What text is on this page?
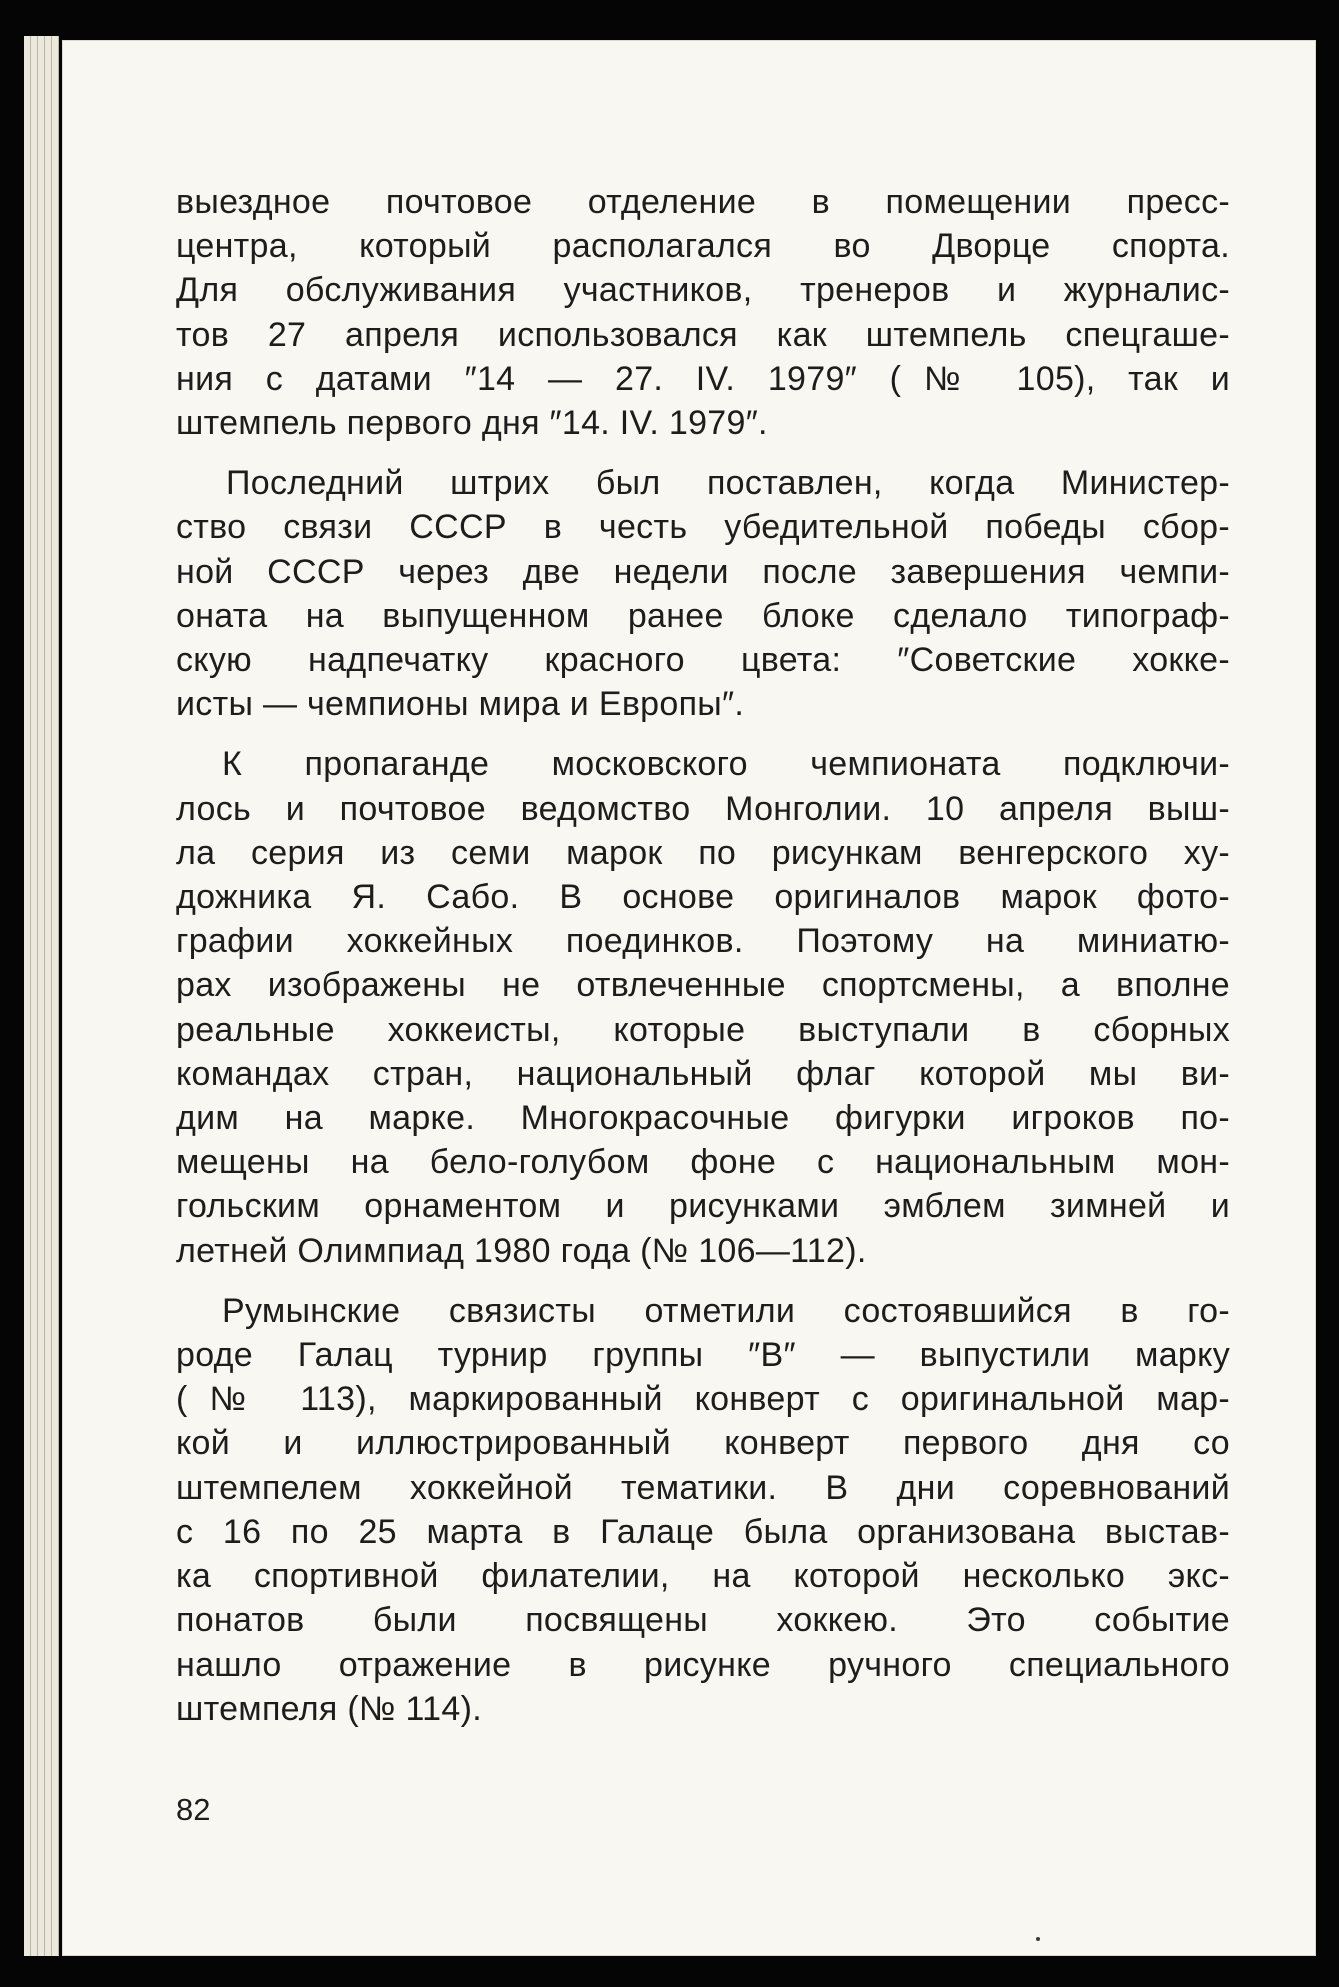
выездное почтовое отделение в помещении пресс-
центра, который располагался во Дворце спорта.
Для обслуживания участников, тренеров и журналис-
тов 27 апреля использовался как штемпель спецгаше-
ния с датами ″14 — 27. IV. 1979″ (№ 105), так и
штемпель первого дня ″14. IV. 1979″.

Последний штрих был поставлен, когда Министер-
ство связи СССР в честь убедительной победы сбор-
ной СССР через две недели после завершения чемпи-
оната на выпущенном ранее блоке сделало типограф-
скую надпечатку красного цвета: ″Советские хокке-
исты — чемпионы мира и Европы″.

К пропаганде московского чемпионата подключи-
лось и почтовое ведомство Монголии. 10 апреля выш-
ла серия из семи марок по рисункам венгерского ху-
дожника Я. Сабо. В основе оригиналов марок фото-
графии хоккейных поединков. Поэтому на миниатю-
рах изображены не отвлеченные спортсмены, а вполне
реальные хоккеисты, которые выступали в сборных
командах стран, национальный флаг которой мы ви-
дим на марке. Многокрасочные фигурки игроков по-
мещены на бело-голубом фоне с национальным мон-
гольским орнаментом и рисунками эмблем зимней и
летней Олимпиад 1980 года (№ 106—112).

Румынские связисты отметили состоявшийся в го-
роде Галац турнир группы ″B″ — выпустили марку
(№ 113), маркированный конверт с оригинальной мар-
кой и иллюстрированный конверт первого дня со
штемпелем хоккейной тематики. В дни соревнований
с 16 по 25 марта в Галаце была организована выстав-
ка спортивной филателии, на которой несколько экс-
понатов были посвящены хоккею. Это событие
нашло отражение в рисунке ручного специального
штемпеля (№ 114).

82
